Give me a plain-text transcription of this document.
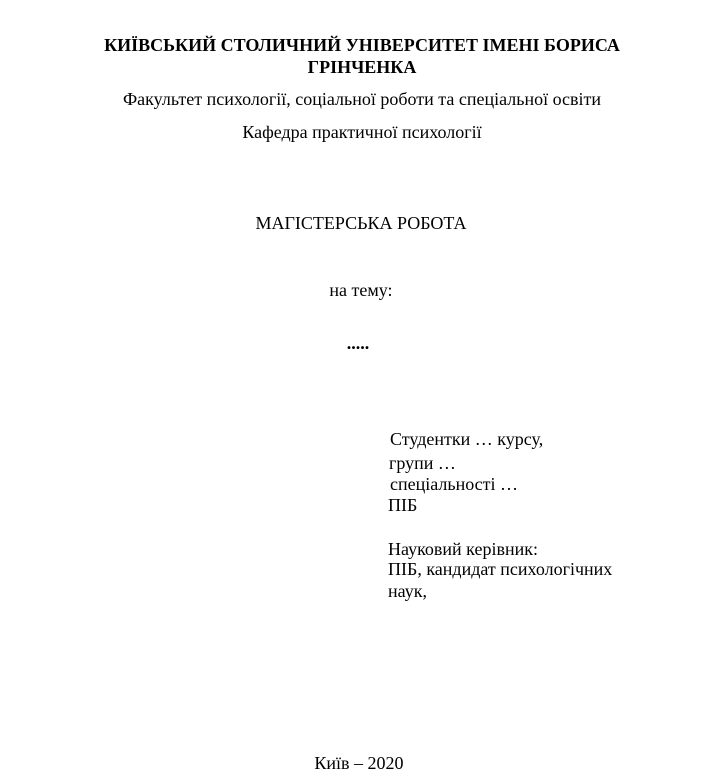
КИЇВСЬКИЙ СТОЛИЧНИЙ УНІВЕРСИТЕТ ІМЕНІ БОРИСА
ГРІНЧЕНКА
Факультет психології, соціальної роботи та спеціальної освіти
Кафедра практичної психології
МАГІСТЕРСЬКА РОБОТА
на тему:
.....
Студентки … курсу,
групи …
спеціальності …
ПІБ
Науковий керівник:
ПІБ, кандидат психологічних
наук,
Київ – 2020
